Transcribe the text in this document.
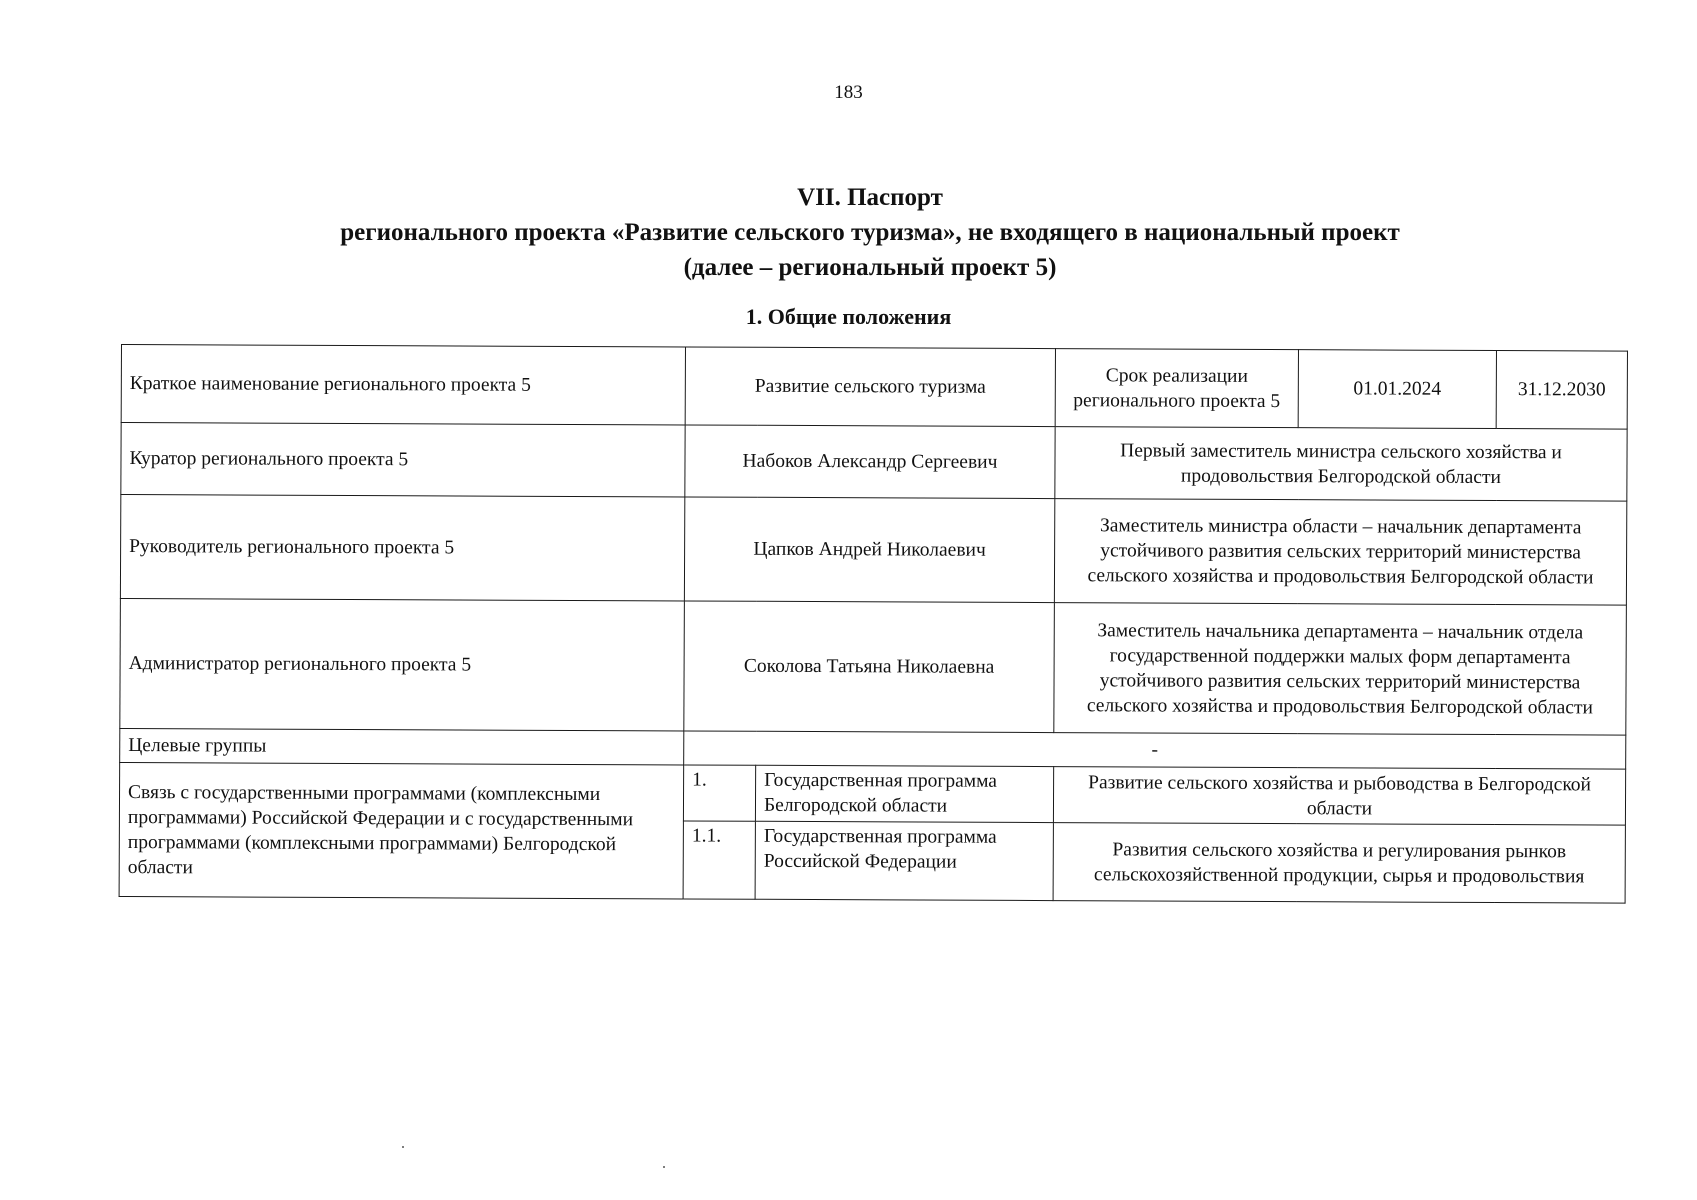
183
VII. Паспорт
регионального проекта «Развитие сельского туризма», не входящего в национальный проект
(далее – региональный проект 5)
1. Общие положения
Краткое наименование регионального проекта 5	Развитие сельского туризма		Срок реализации регионального проекта 5	01.01.2024	31.12.2030
Куратор регионального проекта 5	Набоков Александр Сергеевич		Первый заместитель министра сельского хозяйства и продовольствия Белгородской области		
Руководитель регионального проекта 5	Цапков Андрей Николаевич		Заместитель министра области – начальник департамента устойчивого развития сельских территорий министерства сельского хозяйства и продовольствия Белгородской области		
Администратор регионального проекта 5	Соколова Татьяна Николаевна		Заместитель начальника департамента – начальник отдела государственной поддержки малых форм департамента устойчивого развития сельских территорий министерства сельского хозяйства и продовольствия Белгородской области		
Целевые группы	-				
Связь с государственными программами (комплексными программами) Российской Федерации и с государственными программами (комплексными программами) Белгородской области	1.	Государственная программа Белгородской области	Развитие сельского хозяйства и рыбоводства в Белгородской области		
	1.1.	Государственная программа Российской Федерации	Развития сельского хозяйства и регулирования рынков сельскохозяйственной продукции, сырья и продовольствия		
